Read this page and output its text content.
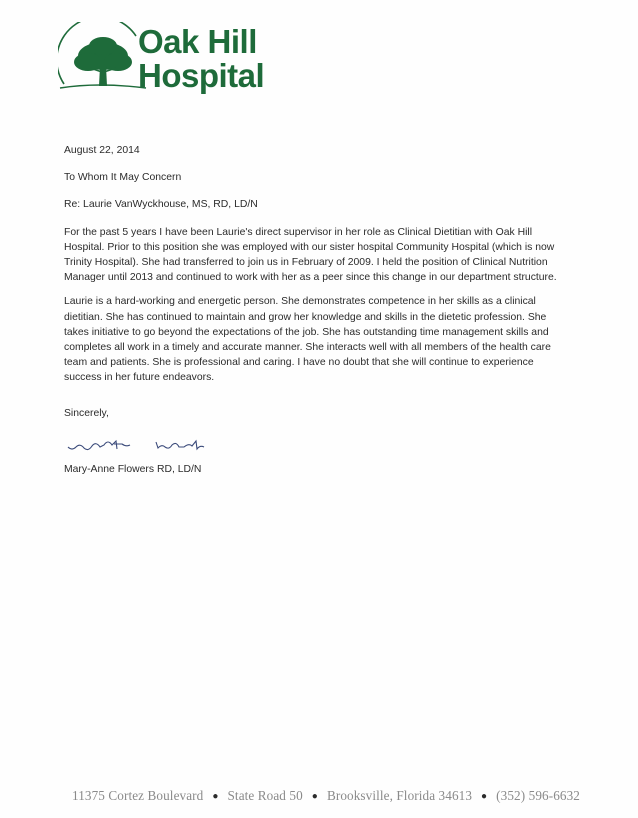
Oak Hill
Hospital

August 22, 2014

To Whom It May Concern

Re: Laurie VanWyckhouse, MS, RD, LD/N

For the past 5 years I have been Laurie's direct supervisor in her role as Clinical Dietitian with Oak Hill Hospital. Prior to this position she was employed with our sister hospital Community Hospital (which is now Trinity Hospital). She had transferred to join us in February of 2009. I held the position of Clinical Nutrition Manager until 2013 and continued to work with her as a peer since this change in our department structure.

Laurie is a hard-working and energetic person. She demonstrates competence in her skills as a clinical dietitian. She has continued to maintain and grow her knowledge and skills in the dietetic profession. She takes initiative to go beyond the expectations of the job. She has outstanding time management skills and completes all work in a timely and accurate manner. She interacts well with all members of the health care team and patients. She is professional and caring. I have no doubt that she will continue to experience success in her future endeavors.

Sincerely,

Mary-Anne Flowers RD, LD/N

11375 Cortez Boulevard ● State Road 50 ● Brooksville, Florida 34613 ● (352) 596-6632
